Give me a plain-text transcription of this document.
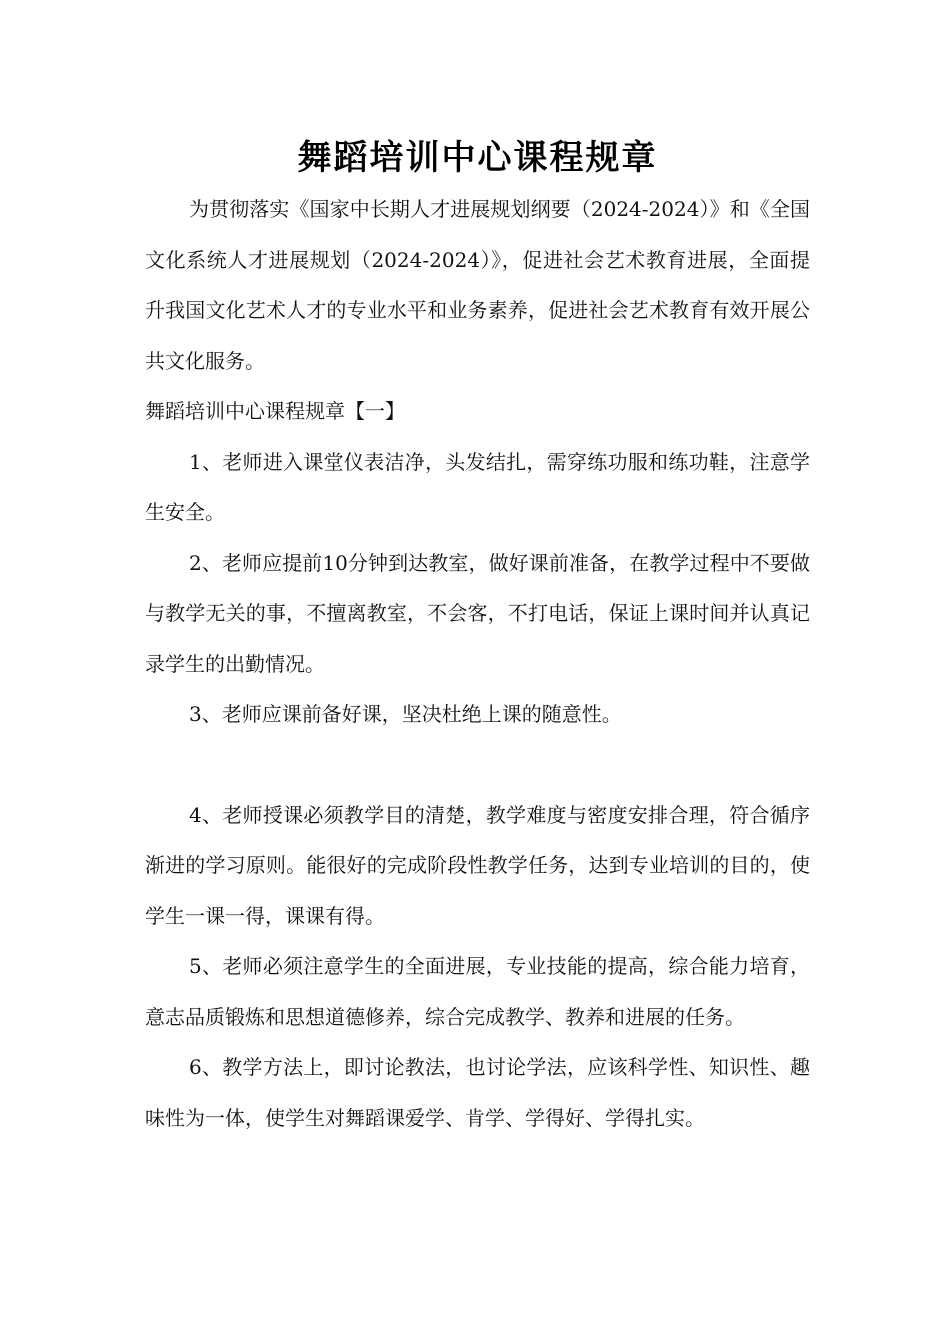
舞蹈培训中心课程规章

为贯彻落实《国家中长期人才进展规划纲要（2024-2024）》和《全国文化系统人才进展规划（2024-2024）》，促进社会艺术教育进展，全面提升我国文化艺术人才的专业水平和业务素养，促进社会艺术教育有效开展公共文化服务。

舞蹈培训中心课程规章【一】

1、老师进入课堂仪表洁净，头发结扎，需穿练功服和练功鞋，注意学生安全。

2、老师应提前10分钟到达教室，做好课前准备，在教学过程中不要做与教学无关的事，不擅离教室，不会客，不打电话，保证上课时间并认真记录学生的出勤情况。

3、老师应课前备好课，坚决杜绝上课的随意性。

4、老师授课必须教学目的清楚，教学难度与密度安排合理，符合循序渐进的学习原则。能很好的完成阶段性教学任务，达到专业培训的目的，使学生一课一得，课课有得。

5、老师必须注意学生的全面进展，专业技能的提高，综合能力培育，意志品质锻炼和思想道德修养，综合完成教学、教养和进展的任务。

6、教学方法上，即讨论教法，也讨论学法，应该科学性、知识性、趣味性为一体，使学生对舞蹈课爱学、肯学、学得好、学得扎实。
